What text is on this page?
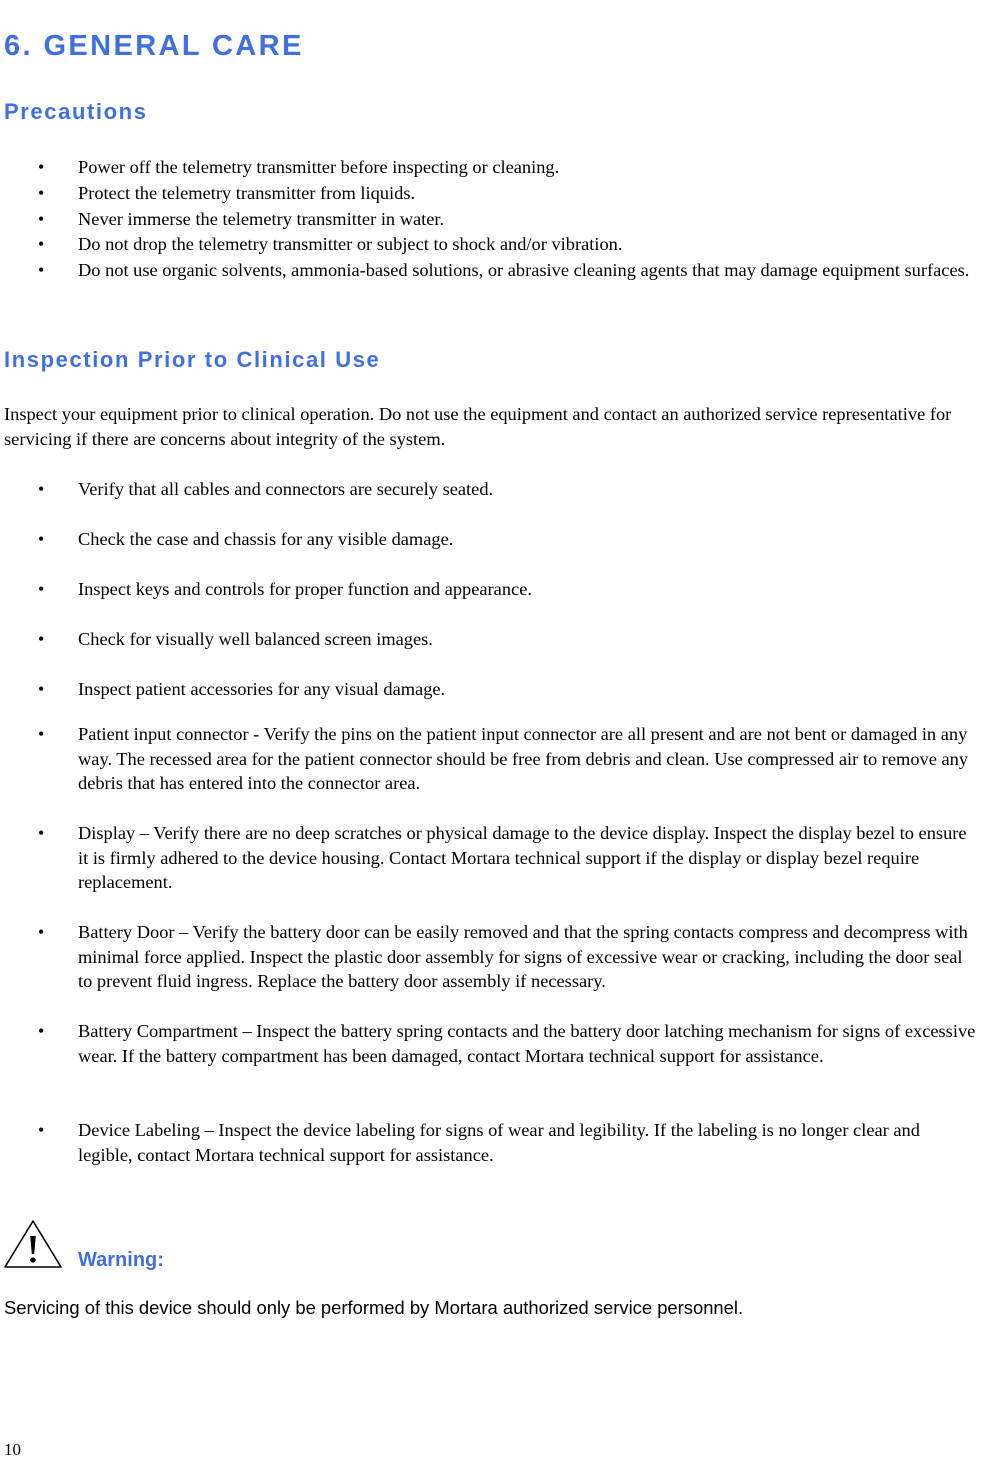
6. GENERAL CARE
Precautions
• Power off the telemetry transmitter before inspecting or cleaning.
• Protect the telemetry transmitter from liquids.
• Never immerse the telemetry transmitter in water.
• Do not drop the telemetry transmitter or subject to shock and/or vibration.
• Do not use organic solvents, ammonia-based solutions, or abrasive cleaning agents that may damage equipment surfaces.
Inspection Prior to Clinical Use

Inspect your equipment prior to clinical operation. Do not use the equipment and contact an authorized service representative for servicing if there are concerns about integrity of the system.

• Verify that all cables and connectors are securely seated.
• Check the case and chassis for any visible damage.
• Inspect keys and controls for proper function and appearance.
• Check for visually well balanced screen images.
• Inspect patient accessories for any visual damage.
• Patient input connector - Verify the pins on the patient input connector are all present and are not bent or damaged in any way. The recessed area for the patient connector should be free from debris and clean. Use compressed air to remove any debris that has entered into the connector area.
• Display – Verify there are no deep scratches or physical damage to the device display. Inspect the display bezel to ensure it is firmly adhered to the device housing. Contact Mortara technical support if the display or display bezel require replacement.
• Battery Door – Verify the battery door can be easily removed and that the spring contacts compress and decompress with minimal force applied. Inspect the plastic door assembly for signs of excessive wear or cracking, including the door seal to prevent fluid ingress. Replace the battery door assembly if necessary.
• Battery Compartment – Inspect the battery spring contacts and the battery door latching mechanism for signs of excessive wear. If the battery compartment has been damaged, contact Mortara technical support for assistance.
• Device Labeling – Inspect the device labeling for signs of wear and legibility. If the labeling is no longer clear and legible, contact Mortara technical support for assistance.

Warning:

Servicing of this device should only be performed by Mortara authorized service personnel.

10
